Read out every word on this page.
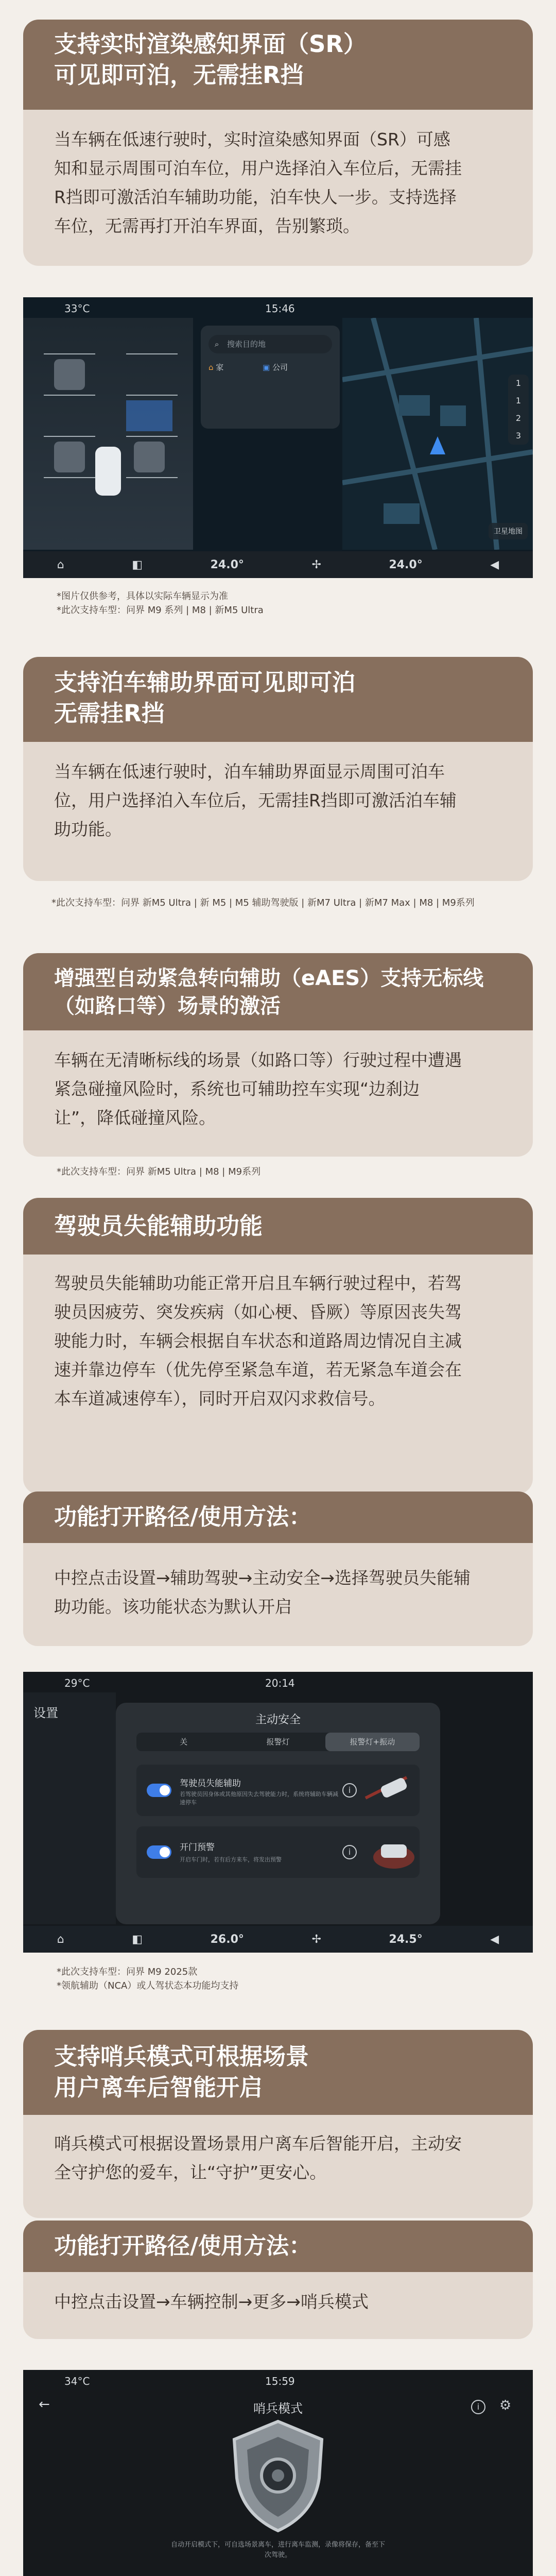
支持实时渲染感知界面（SR）
可见即可泊，无需挂R挡
当车辆在低速行驶时，实时渲染感知界面（SR）可感
知和显示周围可泊车位，用户选择泊入车位后，无需挂
R挡即可激活泊车辅助功能，泊车快人一步。支持选择
车位，无需再打开泊车界面，告别繁琐。
33°C	15:46
⌕ 搜索目的地
⌂ 家	▣ 公司
1
1
2
3
卫星地图
⌂	◧	24.0°	✢	24.0°	◀
*图片仅供参考，具体以实际车辆显示为准
*此次支持车型：问界 M9 系列 | M8 | 新M5 Ultra
支持泊车辅助界面可见即可泊
无需挂R挡
当车辆在低速行驶时，泊车辅助界面显示周围可泊车
位，用户选择泊入车位后，无需挂R挡即可激活泊车辅
助功能。
*此次支持车型：问界 新M5 Ultra | 新 M5 | M5 辅助驾驶版 | 新M7 Ultra | 新M7 Max | M8 | M9系列
增强型自动紧急转向辅助（eAES）支持无标线
（如路口等）场景的激活
车辆在无清晰标线的场景（如路口等）行驶过程中遭遇
紧急碰撞风险时，系统也可辅助控车实现“边刹边
让”，降低碰撞风险。
*此次支持车型：问界 新M5 Ultra | M8 | M9系列
驾驶员失能辅助功能
驾驶员失能辅助功能正常开启且车辆行驶过程中，若驾
驶员因疲劳、突发疾病（如心梗、昏厥）等原因丧失驾
驶能力时，车辆会根据自车状态和道路周边情况自主减
速并靠边停车（优先停至紧急车道，若无紧急车道会在
本车道减速停车），同时开启双闪求救信号。
功能打开路径/使用方法：
中控点击设置→辅助驾驶→主动安全→选择驾驶员失能辅
助功能。该功能状态为默认开启
29°C	20:14
设置	主动安全
关	报警灯	报警灯+振动
驾驶员失能辅助
若驾驶员因身体或其他原因失去驾驶能力时，系统将辅助车辆减速停车
i
开门预警
开启车门时，若有后方来车，将发出预警
i
⌂	◧	26.0°	✢	24.5°	◀
*此次支持车型：问界 M9 2025款
*领航辅助（NCA）或人驾状态本功能均支持
支持哨兵模式可根据场景
用户离车后智能开启
哨兵模式可根据设置场景用户离车后智能开启，主动安
全守护您的爱车，让“守护”更安心。
功能打开路径/使用方法：
中控点击设置→车辆控制→更多→哨兵模式
34°C	15:59
←	哨兵模式	i	⚙
自动开启模式下，可自选场景离车，进行离车监测，录像将保存，备至下次驾驶。
